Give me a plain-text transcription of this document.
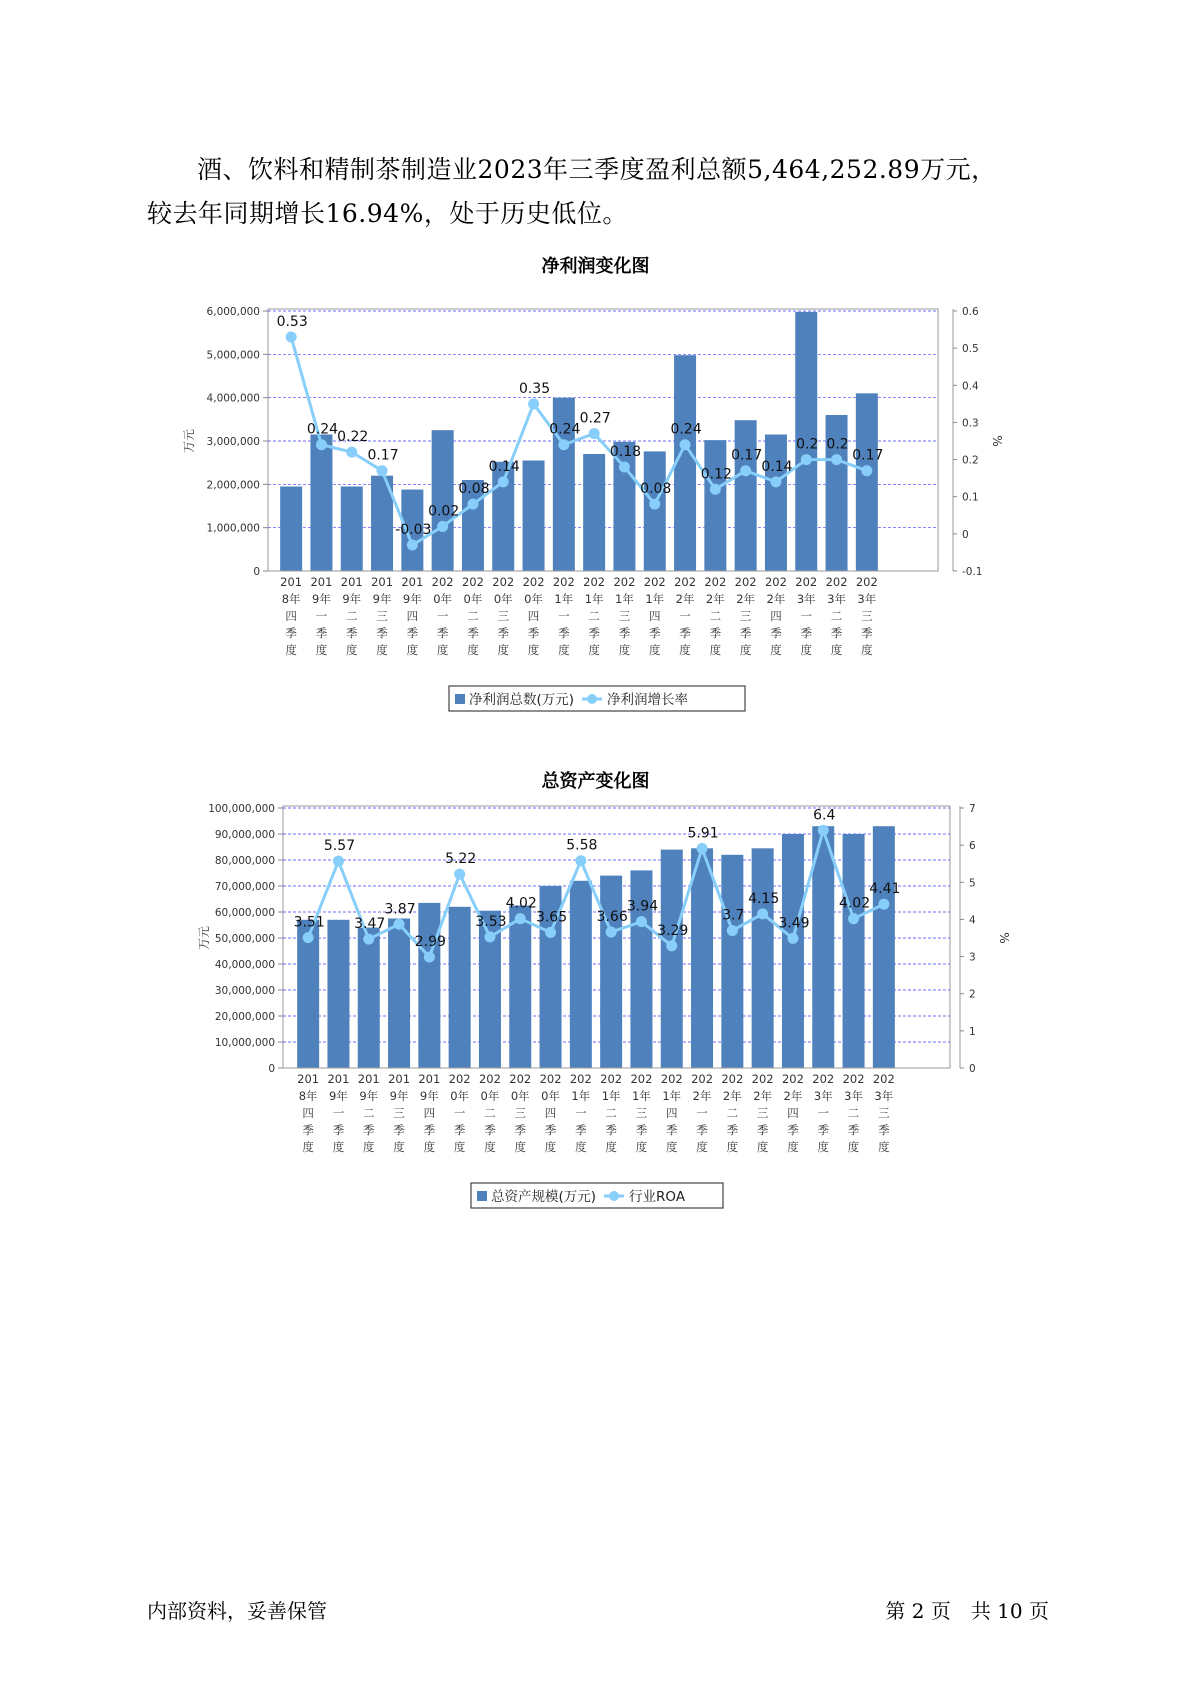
酒、饮料和精制茶制造业2023年三季度盈利总额5,464,252.89万元，
较去年同期增长16.94%，处于历史低位。
净利润变化图
0
1,000,000
2,000,000
3,000,000
4,000,000
5,000,000
6,000,000
-0.1
0
0.1
0.2
0.3
0.4
0.5
0.6
万元	%
0.53
0.24 0.22
0.17
-0.03
0.02
0.08
0.14
0.35
0.24
0.27
0.18
0.08
0.24
0.12
0.17
0.14
0.2 0.2
0.17
201 8年四季度
201 9年一季度
201 9年二季度
201 9年三季度
201 9年四季度
202 0年一季度
202 0年二季度
202 0年三季度
202 0年四季度
202 1年一季度
202 1年二季度
202 1年三季度
202 1年四季度
202 2年一季度
202 2年二季度
202 2年三季度
202 2年四季度
202 3年一季度
202 3年二季度
202 3年三季度
净利润总数(万元) 净利润增长率
0
10,000,000
20,000,000
30,000,000
40,000,000
50,000,000
60,000,000
70,000,000
80,000,000
90,000,000
100,000,000
0
1
2
3
4
5
6
7
万元	%
3.51
5.57
3.47
3.87
2.99
5.22
3.53
4.02
3.65
5.58
3.66
3.94
3.29
5.91
3.7
4.15
3.49
6.4
4.02
4.41
201 8年四季度
201 9年一季度
201 9年二季度
201 9年三季度
201 9年四季度
202 0年一季度
202 0年二季度
202 0年三季度
202 0年四季度
202 1年一季度
202 1年二季度
202 1年三季度
202 1年四季度
202 2年一季度
202 2年二季度
202 2年三季度
202 2年四季度
202 3年一季度
202 3年二季度
202 3年三季度
总资产规模(万元) 行业ROA
总资产变化图
内部资料，妥善保管	第 2 页　共 10 页
